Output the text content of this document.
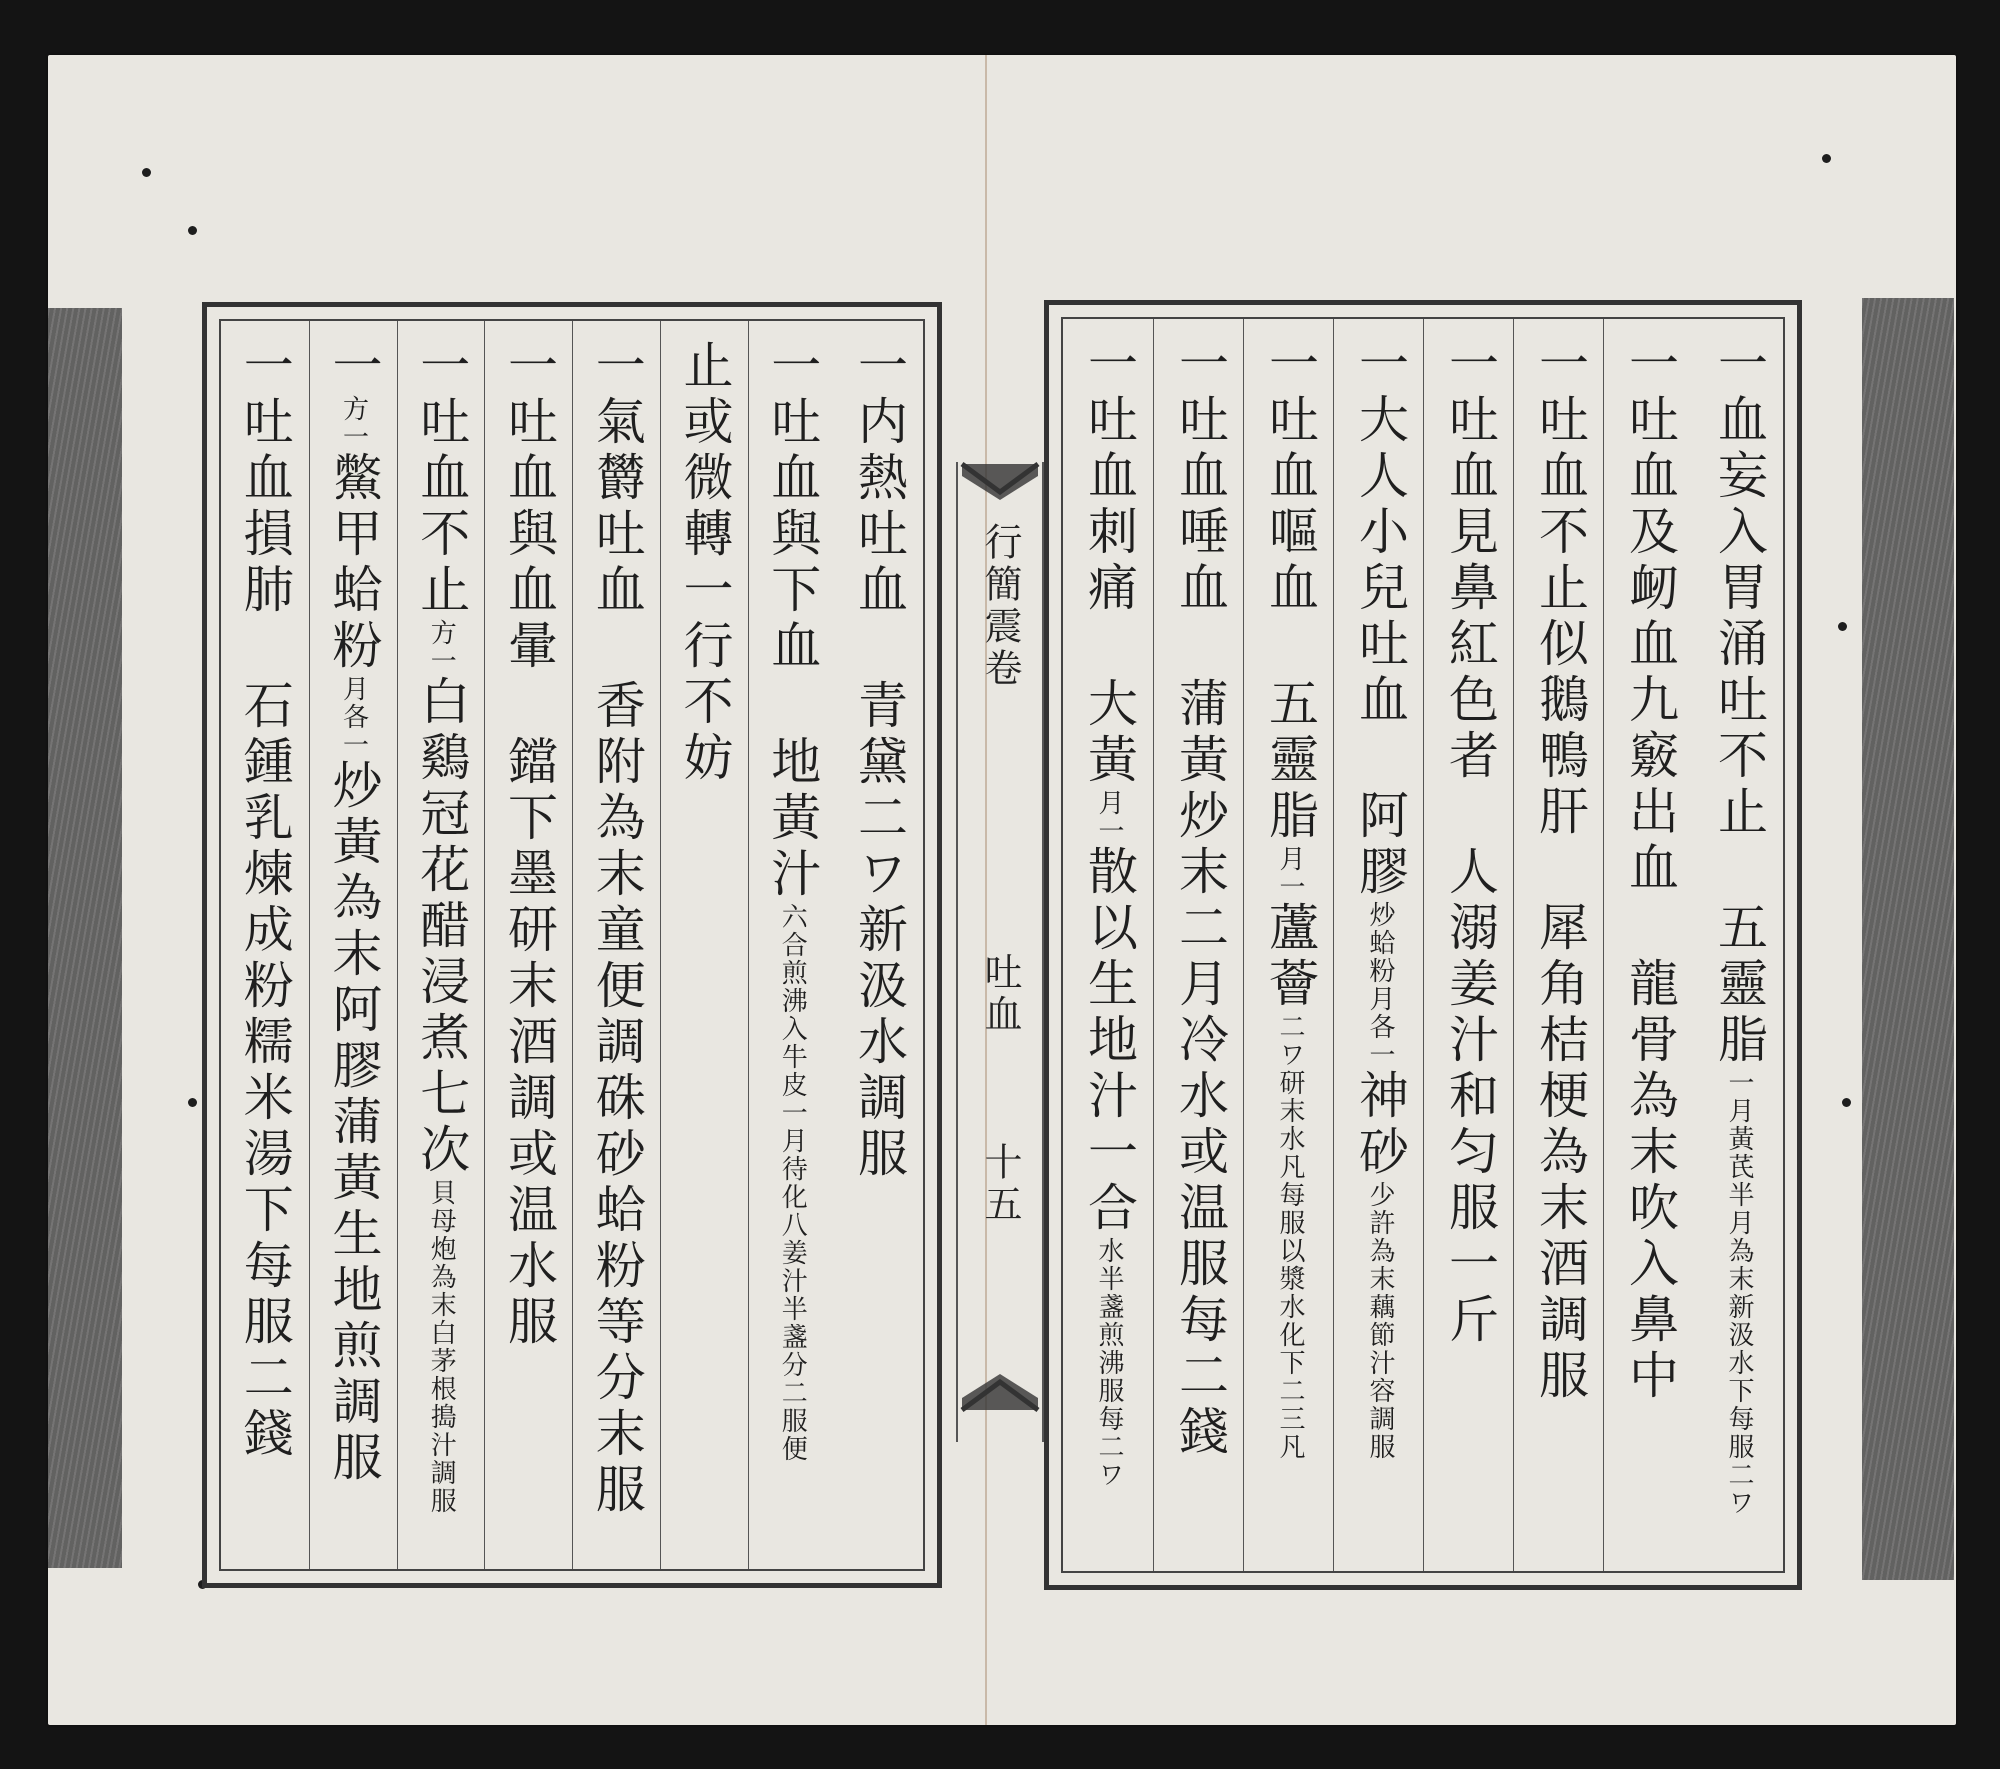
一内熱吐血青黛二ワ新汲水調服
一吐血與下血地黃汁六合煎沸入牛皮一月待化八姜汁半盞分二服便
止或微轉一行不妨
一氣欝吐血香附為末童便調硃砂蛤粉等分末服
一吐血與血暈鐺下墨研末酒調或温水服
一吐血不止方一白鷄冠花醋浸煮七次貝母炮為末白茅根搗汁調服
一方一鱉甲蛤粉月各一炒黃為末阿膠蒲黃生地煎調服
一吐血損肺石鍾乳煉成粉糯米湯下每服二錢
一血妄入胃涌吐不止五靈脂一月黃芪半月為末新汲水下每服二ワ
一吐血及衂血九竅出血龍骨為末吹入鼻中
一吐血不止似鵝鴨肝犀角桔梗為末酒調服
一吐血見鼻紅色者人溺姜汁和匀服一斤
一大人小兒吐血阿膠炒蛤粉月各一神砂少許為末藕節汁容調服
一吐血嘔血五靈脂月一蘆薈二ワ研末水凡每服以漿水化下二三凡
一吐血唾血蒲黃炒末二月冷水或温服每二錢
一吐血刺痛大黃月一散以生地汁一合水半盞煎沸服每二ワ
行簡震卷
吐血
十五
